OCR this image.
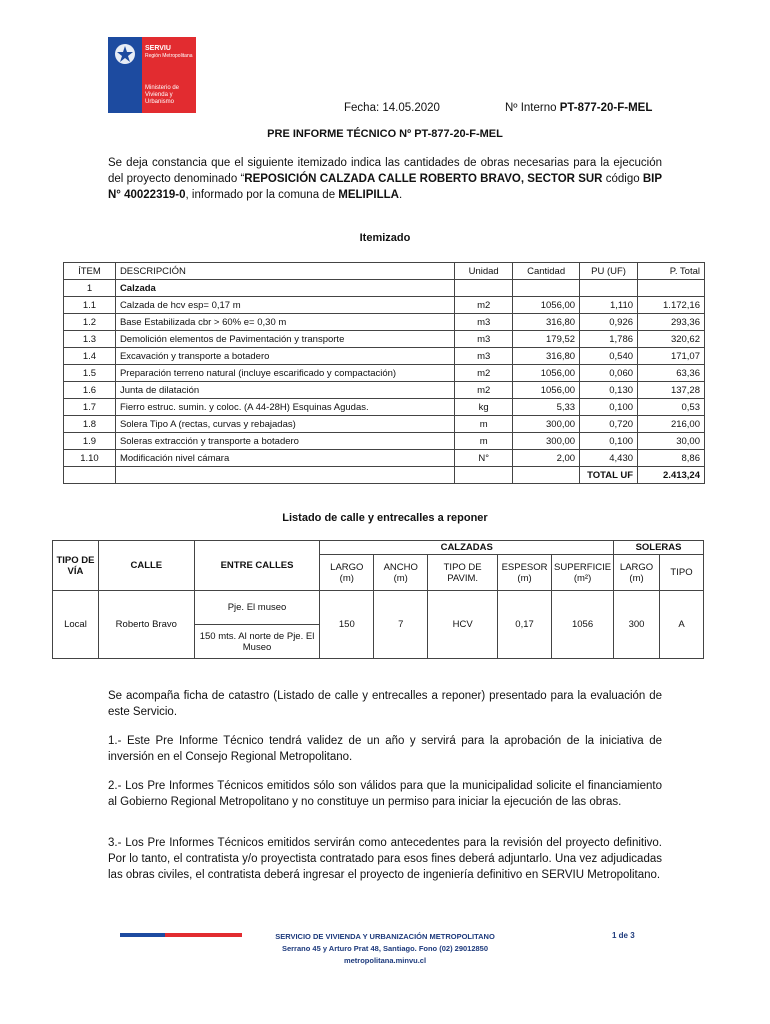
SERVIU
Región Metropolitana
Ministerio de
Vivienda y
Urbanismo	Fecha: 14.05.2020	Nº Interno PT-877-20-F-MEL
PRE INFORME TÉCNICO Nº PT-877-20-F-MEL
Se deja constancia que el siguiente itemizado indica las cantidades de obras necesarias para la ejecución del proyecto denominado “REPOSICIÓN CALZADA CALLE ROBERTO BRAVO, SECTOR SUR código BIP N° 40022319-0, informado por la comuna de MELIPILLA.
Itemizado
ÍTEM	DESCRIPCIÓN	Unidad	Cantidad	PU (UF)	P. Total
1	Calzada				
1.1	Calzada de hcv esp= 0,17 m	m2	1056,00	1,110	1.172,16
1.2	Base Estabilizada cbr > 60% e= 0,30 m	m3	316,80	0,926	293,36
1.3	Demolición elementos de Pavimentación y transporte	m3	179,52	1,786	320,62
1.4	Excavación y transporte a botadero	m3	316,80	0,540	171,07
1.5	Preparación terreno natural (incluye escarificado y compactación)	m2	1056,00	0,060	63,36
1.6	Junta de dilatación	m2	1056,00	0,130	137,28
1.7	Fierro estruc. sumin. y coloc. (A 44-28H) Esquinas Agudas.	kg	5,33	0,100	0,53
1.8	Solera Tipo A (rectas, curvas y rebajadas)	m	300,00	0,720	216,00
1.9	Soleras extracción y transporte a botadero	m	300,00	0,100	30,00
1.10	Modificación nivel cámara	N°	2,00	4,430	8,86
				TOTAL UF	2.413,24
Listado de calle y entrecalles a reponer
TIPO DE VÍA	CALLE	ENTRE CALLES	CALZADAS					SOLERAS	
			LARGO (m)	ANCHO (m)	TIPO DE PAVIM.	ESPESOR (m)	SUPERFICIE (m²)	LARGO (m)	TIPO
Local	Roberto Bravo	Pje. El museo	150	7	HCV	0,17	1056	300	A
		150 mts. Al norte de Pje. El Museo							
Se acompaña ficha de catastro (Listado de calle y entrecalles a reponer) presentado para la evaluación de este Servicio.
1.- Este Pre Informe Técnico tendrá validez de un año y servirá para la aprobación de la iniciativa de inversión en el Consejo Regional Metropolitano.
2.- Los Pre Informes Técnicos emitidos sólo son válidos para que la municipalidad solicite el financiamiento al Gobierno Regional Metropolitano y no constituye un permiso para iniciar la ejecución de las obras.
3.- Los Pre Informes Técnicos emitidos servirán como antecedentes para la revisión del proyecto definitivo. Por lo tanto, el contratista y/o proyectista contratado para esos fines deberá adjuntarlo. Una vez adjudicadas las obras civiles, el contratista deberá ingresar el proyecto de ingeniería definitivo en SERVIU Metropolitano.
SERVICIO DE VIVIENDA Y URBANIZACIÓN METROPOLITANO
Serrano 45 y Arturo Prat 48, Santiago. Fono (02) 29012850
metropolitana.minvu.cl
1 de 3
